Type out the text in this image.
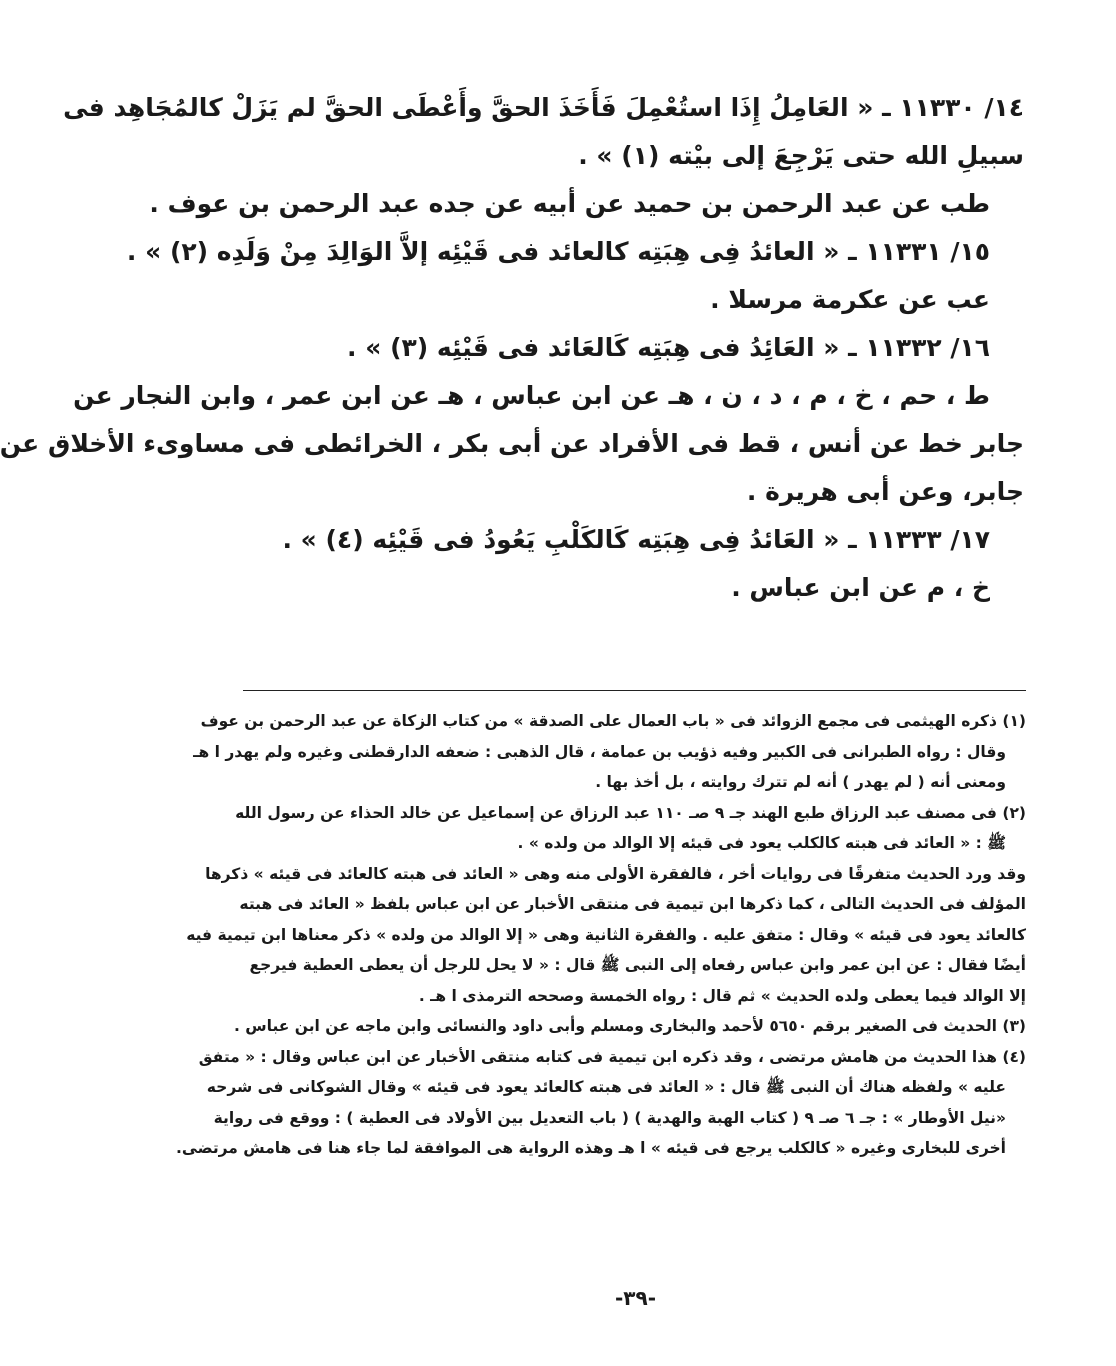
١٤/ ١١٣٣٠ ـ « العَامِلُ إِذَا استُعْمِلَ فَأَخَذَ الحقَّ وأَعْطَى الحقَّ لم يَزَلْ كالمُجَاهِد فى
سبيلِ الله حتى يَرْجِعَ إلى بيْته (١) » .
طب عن عبد الرحمن بن حميد عن أبيه عن جده عبد الرحمن بن عوف .
١٥/ ١١٣٣١ ـ « العائدُ فِى هِبَتِه كالعائد فى قَيْئِه إلاَّ الوَالِدَ مِنْ وَلَدِه (٢) » .
عب عن عكرمة مرسلا .
١٦/ ١١٣٣٢ ـ « العَائِدُ فى هِبَتِه كَالعَائد فى قَيْئِه (٣) » .
ط ، حم ، خ ، م ، د ، ن ، هـ عن ابن عباس ، هـ عن ابن عمر ، وابن النجار عن
جابر خط عن أنس ، قط فى الأفراد عن أبى بكر ، الخرائطى فى مساوىء الأخلاق عن
جابر، وعن أبى هريرة .
١٧/ ١١٣٣٣ ـ « العَائدُ فِى هِبَتِه كَالكَلْبِ يَعُودُ فى قَيْئِه (٤) » .
خ ، م عن ابن عباس .
(١) ذكره الهيثمى فى مجمع الزوائد فى « باب العمال على الصدقة » من كتاب الزكاة عن عبد الرحمن بن عوف
وقال : رواه الطبرانى فى الكبير وفيه ذؤيب بن عمامة ، قال الذهبى : ضعفه الدارقطنى وغيره ولم يهدر ا هـ
ومعنى أنه ( لم يهدر ) أنه لم تترك روايته ، بل أخذ بها .
(٢) فى مصنف عبد الرزاق طبع الهند جـ ٩ صـ ١١٠ عبد الرزاق عن إسماعيل عن خالد الحذاء عن رسول الله
ﷺ : « العائد فى هبته كالكلب يعود فى قيئه إلا الوالد من ولده » .
وقد ورد الحديث متفرقًا فى روايات أخر ، فالفقرة الأولى منه وهى « العائد فى هبته كالعائد فى قيئه » ذكرها
المؤلف فى الحديث التالى ، كما ذكرها ابن تيمية فى منتقى الأخبار عن ابن عباس بلفظ « العائد فى هبته
كالعائد يعود فى قيئه » وقال : متفق عليه . والفقرة الثانية وهى « إلا الوالد من ولده » ذكر معناها ابن تيمية فيه
أيضًا فقال : عن ابن عمر وابن عباس رفعاه إلى النبى ﷺ قال : « لا يحل للرجل أن يعطى العطية فيرجع
إلا الوالد فيما يعطى ولده الحديث » ثم قال : رواه الخمسة وصححه الترمذى ا هـ .
(٣) الحديث فى الصغير برقم ٥٦٥٠ لأحمد والبخارى ومسلم وأبى داود والنسائى وابن ماجه عن ابن عباس .
(٤) هذا الحديث من هامش مرتضى ، وقد ذكره ابن تيمية فى كتابه منتقى الأخبار عن ابن عباس وقال : « متفق
عليه » ولفظه هناك أن النبى ﷺ قال : « العائد فى هبته كالعائد يعود فى قيئه » وقال الشوكانى فى شرحه
«نيل الأوطار » : جـ ٦ صـ ٩ ( كتاب الهبة والهدية ) ( باب التعديل بين الأولاد فى العطية ) : ووقع فى رواية
أخرى للبخارى وغيره « كالكلب يرجع فى قيئه » ا هـ وهذه الرواية هى الموافقة لما جاء هنا فى هامش مرتضى.
-٣٩-
